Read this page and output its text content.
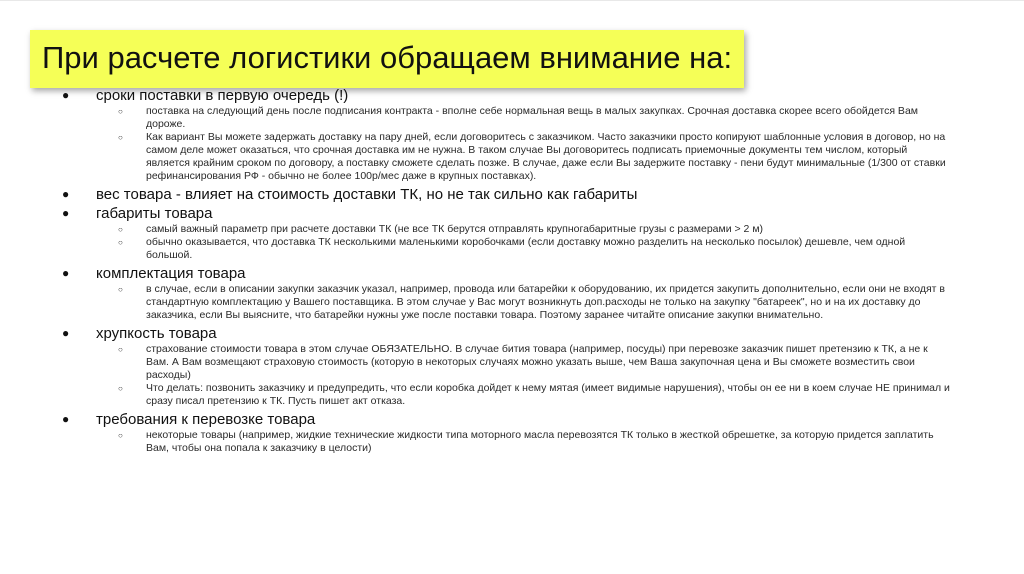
При расчете логистики обращаем внимание на:
● сроки поставки в первую очередь (!)
○ поставка на следующий день после подписания контракта - вполне себе нормальная вещь в малых закупках. Срочная доставка скорее всего обойдется Вам дороже.
○ Как вариант Вы можете задержать доставку на пару дней, если договоритесь с заказчиком. Часто заказчики просто копируют шаблонные условия в договор, но на самом деле может оказаться, что срочная доставка им не нужна. В таком случае Вы договоритесь подписать приемочные документы тем числом, который является крайним сроком по договору, а поставку сможете сделать позже. В случае, даже если Вы задержите поставку - пени будут минимальные (1/300 от ставки рефинансирования РФ - обычно не более 100р/мес даже в крупных поставках).
● вес товара - влияет на стоимость доставки ТК, но не так сильно как габариты
● габариты товара
○ самый важный параметр при расчете доставки ТК (не все ТК берутся отправлять крупногабаритные грузы с размерами > 2 м)
○ обычно оказывается, что доставка ТК несколькими маленькими коробочками (если доставку можно разделить на несколько посылок) дешевле, чем одной большой.
● комплектация товара
○ в случае, если в описании закупки заказчик указал, например, провода или батарейки к оборудованию, их придется закупить дополнительно, если они не входят в стандартную комплектацию у Вашего поставщика. В этом случае у Вас могут возникнуть доп.расходы не только на закупку "батареек", но и на их доставку до заказчика, если Вы выясните, что батарейки нужны уже после поставки товара. Поэтому заранее читайте описание закупки внимательно.
● хрупкость товара
○ страхование стоимости товара в этом случае ОБЯЗАТЕЛЬНО. В случае бития товара (например, посуды) при перевозке заказчик пишет претензию к ТК, а не к Вам. А Вам возмещают страховую стоимость (которую в некоторых случаях можно указать выше, чем Ваша закупочная цена и Вы сможете возместить свои расходы)
○ Что делать: позвонить заказчику и предупредить, что если коробка дойдет к нему мятая (имеет видимые нарушения), чтобы он ее ни в коем случае НЕ принимал и сразу писал претензию к ТК. Пусть пишет акт отказа.
● требования к перевозке товара
○ некоторые товары (например, жидкие технические жидкости типа моторного масла перевозятся ТК только в жесткой обрешетке, за которую придется заплатить Вам, чтобы она попала к заказчику в целости)
